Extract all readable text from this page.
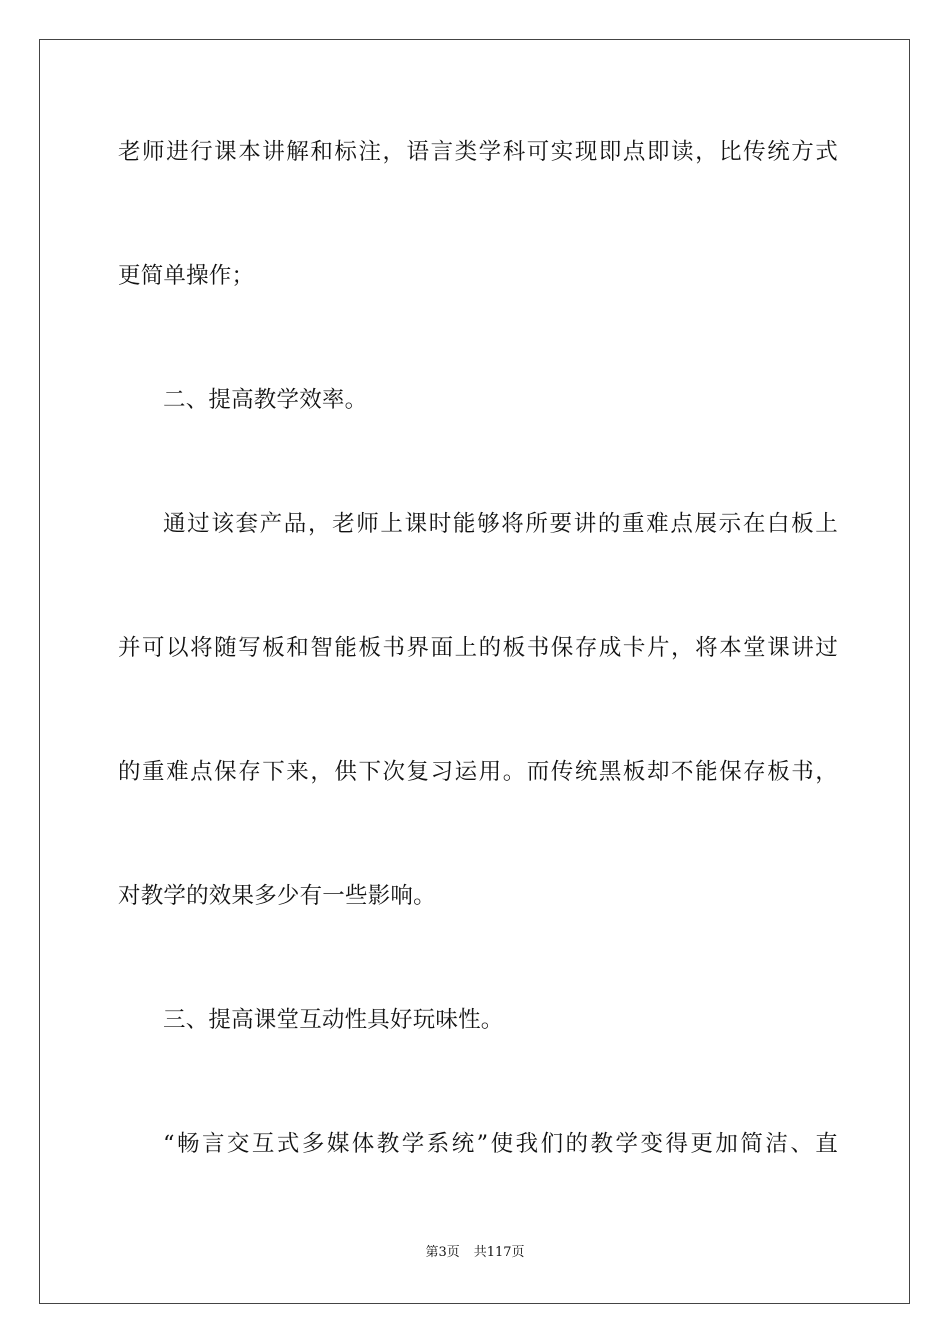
老师进行课本讲解和标注，语言类学科可实现即点即读，比传统方式
更简单操作；
二、提高教学效率。
通过该套产品，老师上课时能够将所要讲的重难点展示在白板上
并可以将随写板和智能板书界面上的板书保存成卡片，将本堂课讲过
的重难点保存下来，供下次复习运用。而传统黑板却不能保存板书，
对教学的效果多少有一些影响。
三、提高课堂互动性具好玩味性。
“畅言交互式多媒体教学系统”使我们的教学变得更加简洁、直
第3页 共117页
